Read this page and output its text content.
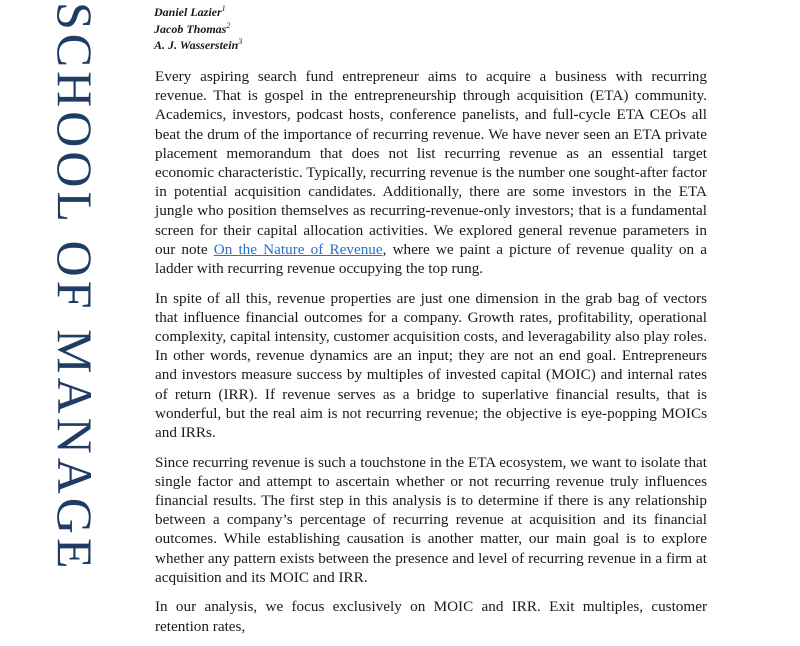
SCHOOL OF MANAGE	Daniel Lazier$^1$
Jacob Thomas$^2$
A. J. Wasserstein$^3$

Every aspiring search fund entrepreneur aims to acquire a business with recurring revenue. That is gospel in the entrepreneurship through acquisition (ETA) community. Academics, investors, podcast hosts, conference panelists, and full-cycle ETA CEOs all beat the drum of the importance of recurring revenue. We have never seen an ETA private placement memorandum that does not list recurring revenue as an essential target economic characteristic. Typically, recurring revenue is the number one sought-after factor in potential acquisition candidates. Additionally, there are some investors in the ETA jungle who position themselves as recurring-revenue-only investors; that is a fundamental screen for their capital allocation activities. We explored general revenue parameters in our note On the Nature of Revenue, where we paint a picture of revenue quality on a ladder with recurring revenue occupying the top rung.

In spite of all this, revenue properties are just one dimension in the grab bag of vectors that influence financial outcomes for a company. Growth rates, profitability, operational complexity, capital intensity, customer acquisition costs, and leveragability also play roles. In other words, revenue dynamics are an input; they are not an end goal. Entrepreneurs and investors measure success by multiples of invested capital (MOIC) and internal rates of return (IRR). If revenue serves as a bridge to superlative financial results, that is wonderful, but the real aim is not recurring revenue; the objective is eye-popping MOICs and IRRs.

Since recurring revenue is such a touchstone in the ETA ecosystem, we want to isolate that single factor and attempt to ascertain whether or not recurring revenue truly influences financial results. The first step in this analysis is to determine if there is any relationship between a company’s percentage of recurring revenue at acquisition and its financial outcomes. While establishing causation is another matter, our main goal is to explore whether any pattern exists between the presence and level of recurring revenue in a firm at acquisition and its MOIC and IRR.

In our analysis, we focus exclusively on MOIC and IRR. Exit multiples, customer retention rates,
